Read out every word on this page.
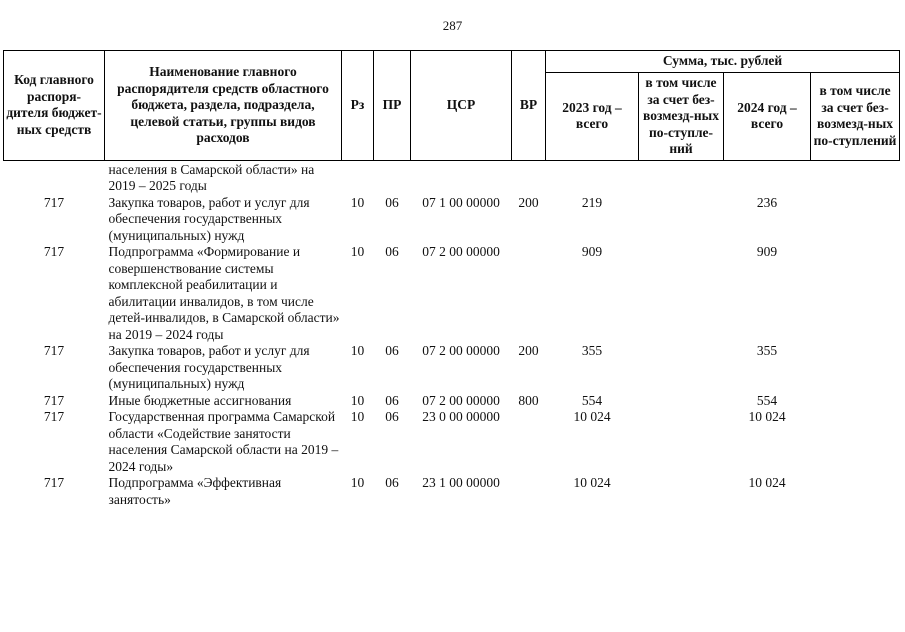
287
Код главного распоря-дителя бюджет-ных средств	Наименование главного распорядителя средств областного бюджета, раздела, подраздела, целевой статьи, группы видов расходов	Рз	ПР	ЦСР	ВР	Сумма, тыс. рублей			
						2023 год – всего	в том числе за счет без-возмезд-ных по-ступле-ний	2024 год – всего	в том числе за счет без-возмезд-ных по-ступлений
	населения в Самарской области» на 2019 – 2025 годы								
717	Закупка товаров, работ и услуг для обеспечения государственных (муниципальных) нужд	10	06	07 1 00 00000	200	219		236	
717	Подпрограмма «Формирование и совершенствование системы комплексной реабилитации и абилитации инвалидов, в том числе детей-инвалидов, в Самарской области» на 2019 – 2024 годы	10	06	07 2 00 00000		909		909	
717	Закупка товаров, работ и услуг для обеспечения государственных (муниципальных) нужд	10	06	07 2 00 00000	200	355		355	
717	Иные бюджетные ассигнования	10	06	07 2 00 00000	800	554		554	
717	Государственная программа Самарской области «Содействие занятости населения Самарской области на 2019 – 2024 годы»	10	06	23 0 00 00000		10 024		10 024	
717	Подпрограмма «Эффективная занятость»	10	06	23 1 00 00000		10 024		10 024	
